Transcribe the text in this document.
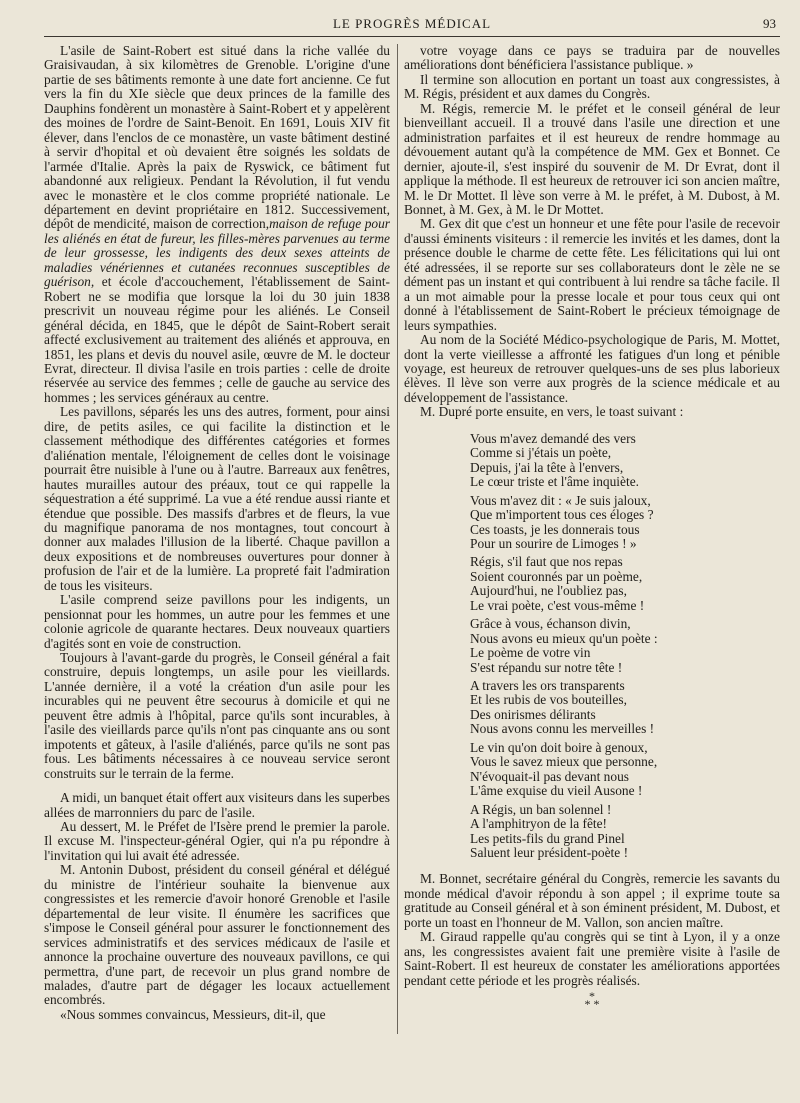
LE PROGRÈS MÉDICAL	93

L'asile de Saint-Robert est situé dans la riche vallée du Graisivaudan, à six kilomètres de Grenoble. L'origine d'une partie de ses bâtiments remonte à une date fort ancienne. Ce fut vers la fin du XIe siècle que deux princes de la famille des Dauphins fondèrent un monastère à Saint-Robert et y appelèrent des moines de l'ordre de Saint-Benoit. En 1691, Louis XIV fit élever, dans l'enclos de ce monastère, un vaste bâtiment destiné à servir d'hopital et où devaient être soignés les soldats de l'armée d'Italie. Après la paix de Ryswick, ce bâtiment fut abandonné aux religieux. Pendant la Révolution, il fut vendu avec le monastère et le clos comme propriété nationale. Le département en devint propriétaire en 1812. Successivement, dépôt de mendicité, maison de correction,maison de refuge pour les aliénés en état de fureur, les filles-mères parvenues au terme de leur grossesse, les indigents des deux sexes atteints de maladies vénériennes et cutanées reconnues susceptibles de guérison, et école d'accouchement, l'établissement de Saint-Robert ne se modifia que lorsque la loi du 30 juin 1838 prescrivit un nouveau régime pour les aliénés. Le Conseil général décida, en 1845, que le dépôt de Saint-Robert serait affecté exclusivement au traitement des aliénés et approuva, en 1851, les plans et devis du nouvel asile, œuvre de M. le docteur Evrat, directeur. Il divisa l'asile en trois parties : celle de droite réservée au service des femmes ; celle de gauche au service des hommes ; les services généraux au centre.

Les pavillons, séparés les uns des autres, forment, pour ainsi dire, de petits asiles, ce qui facilite la distinction et le classement méthodique des différentes catégories et formes d'aliénation mentale, l'éloignement de celles dont le voisinage pourrait être nuisible à l'une ou à l'autre. Barreaux aux fenêtres, hautes murailles autour des préaux, tout ce qui rappelle la séquestration a été supprimé. La vue a été rendue aussi riante et étendue que possible. Des massifs d'arbres et de fleurs, la vue du magnifique panorama de nos montagnes, tout concourt à donner aux malades l'illusion de la liberté. Chaque pavillon a deux expositions et de nombreuses ouvertures pour donner à profusion de l'air et de la lumière. La propreté fait l'admiration de tous les visiteurs.

L'asile comprend seize pavillons pour les indigents, un pensionnat pour les hommes, un autre pour les femmes et une colonie agricole de quarante hectares. Deux nouveaux quartiers d'agités sont en voie de construction.

Toujours à l'avant-garde du progrès, le Conseil général a fait construire, depuis longtemps, un asile pour les vieillards. L'année dernière, il a voté la création d'un asile pour les incurables qui ne peuvent être secourus à domicile et qui ne peuvent être admis à l'hôpital, parce qu'ils sont incurables, à l'asile des vieillards parce qu'ils n'ont pas cinquante ans ou sont impotents et gâteux, à l'asile d'aliénés, parce qu'ils ne sont pas fous. Les bâtiments nécessaires à ce nouveau service seront construits sur le terrain de la ferme.

A midi, un banquet était offert aux visiteurs dans les superbes allées de marronniers du parc de l'asile.

Au dessert, M. le Préfet de l'Isère prend le premier la parole. Il excuse M. l'inspecteur-général Ogier, qui n'a pu répondre à l'invitation qui lui avait été adressée.

M. Antonin Dubost, président du conseil général et délégué du ministre de l'intérieur souhaite la bienvenue aux congressistes et les remercie d'avoir honoré Grenoble et l'asile départemental de leur visite. Il énumère les sacrifices que s'impose le Conseil général pour assurer le fonctionnement des services administratifs et des services médicaux de l'asile et annonce la prochaine ouverture des nouveaux pavillons, ce qui permettra, d'une part, de recevoir un plus grand nombre de malades, d'autre part de dégager les locaux actuellement encombrés.

«Nous sommes convaincus, Messieurs, dit-il, que

votre voyage dans ce pays se traduira par de nouvelles améliorations dont bénéficiera l'assistance publique. »

Il termine son allocution en portant un toast aux congressistes, à M. Régis, président et aux dames du Congrès.

M. Régis, remercie M. le préfet et le conseil général de leur bienveillant accueil. Il a trouvé dans l'asile une direction et une administration parfaites et il est heureux de rendre hommage au dévouement autant qu'à la compétence de MM. Gex et Bonnet. Ce dernier, ajoute-il, s'est inspiré du souvenir de M. Dr Evrat, dont il applique la méthode. Il est heureux de retrouver ici son ancien maître, M. le Dr Mottet. Il lève son verre à M. le préfet, à M. Dubost, à M. Bonnet, à M. Gex, à M. le Dr Mottet.

M. Gex dit que c'est un honneur et une fête pour l'asile de recevoir d'aussi éminents visiteurs : il remercie les invités et les dames, dont la présence double le charme de cette fête. Les félicitations qui lui ont été adressées, il se reporte sur ses collaborateurs dont le zèle ne se dément pas un instant et qui contribuent à lui rendre sa tâche facile. Il a un mot aimable pour la presse locale et pour tous ceux qui ont donné à l'établissement de Saint-Robert le précieux témoignage de leurs sympathies.

Au nom de la Société Médico-psychologique de Paris, M. Mottet, dont la verte vieillesse a affronté les fatigues d'un long et pénible voyage, est heureux de retrouver quelques-uns de ses plus laborieux élèves. Il lève son verre aux progrès de la science médicale et au développement de l'assistance.

M. Dupré porte ensuite, en vers, le toast suivant :

Vous m'avez demandé des vers
Comme si j'étais un poète,
Depuis, j'ai la tête à l'envers,
Le cœur triste et l'âme inquiète.
Vous m'avez dit : « Je suis jaloux,
Que m'importent tous ces éloges ?
Ces toasts, je les donnerais tous
Pour un sourire de Limoges ! »
Régis, s'il faut que nos repas
Soient couronnés par un poème,
Aujourd'hui, ne l'oubliez pas,
Le vrai poète, c'est vous-même !
Grâce à vous, échanson divin,
Nous avons eu mieux qu'un poète :
Le poème de votre vin
S'est répandu sur notre tête !
A travers les ors transparents
Et les rubis de vos bouteilles,
Des onirismes délirants
Nous avons connu les merveilles !
Le vin qu'on doit boire à genoux,
Vous le savez mieux que personne,
N'évoquait-il pas devant nous
L'âme exquise du vieil Ausone !
A Régis, un ban solennel !
A l'amphitryon de la fête!
Les petits-fils du grand Pinel
Saluent leur président-poète !

M. Bonnet, secrétaire général du Congrès, remercie les savants du monde médical d'avoir répondu à son appel ; il exprime toute sa gratitude au Conseil général et à son éminent président, M. Dubost, et porte un toast en l'honneur de M. Vallon, son ancien maître.

M. Giraud rappelle qu'au congrès qui se tint à Lyon, il y a onze ans, les congressistes avaient fait une première visite à l'asile de Saint-Robert. Il est heureux de constater les améliorations apportées pendant cette période et les progrès réalisés.

*
* *
